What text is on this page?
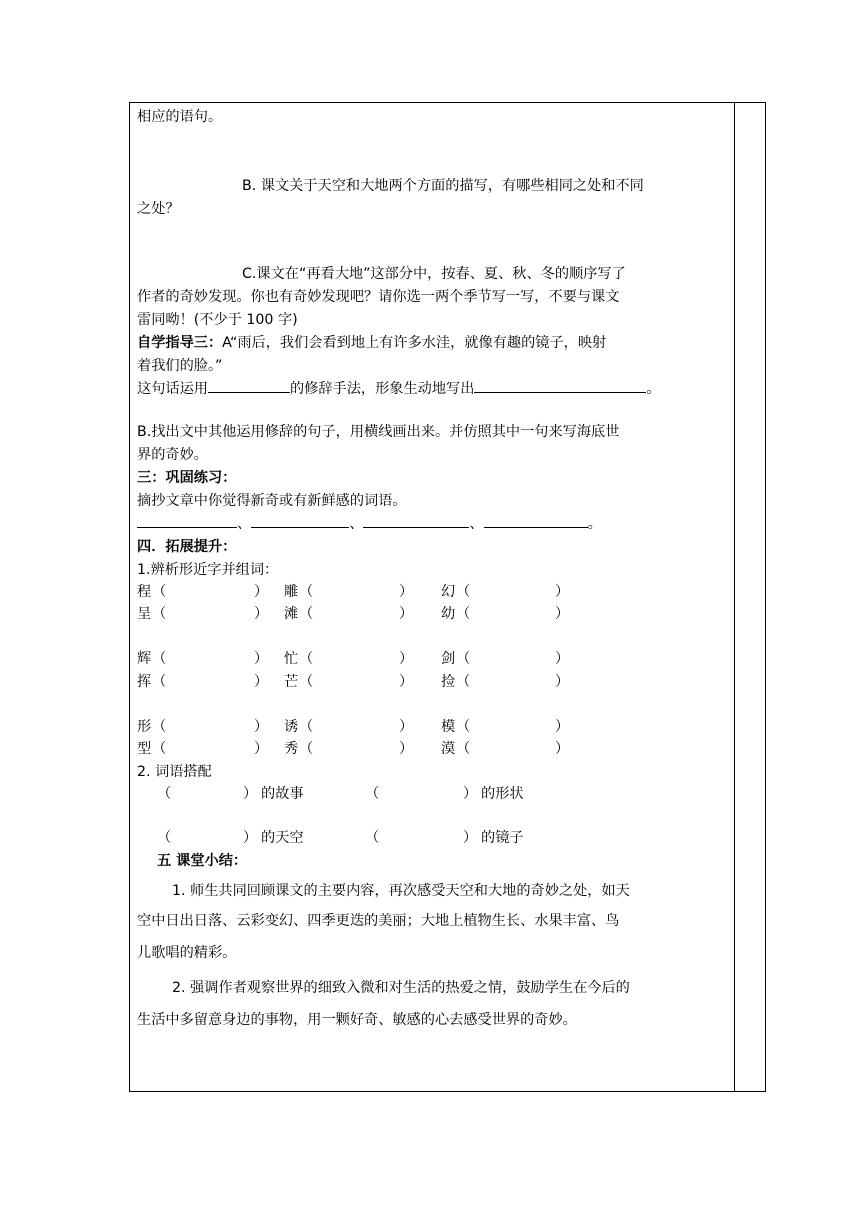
相应的语句。
B. 课文关于天空和大地两个方面的描写，有哪些相同之处和不同
之处？
C.课文在“再看大地”这部分中，按春、夏、秋、冬的顺序写了
作者的奇妙发现。你也有奇妙发现吧？请你选一两个季节写一写，不要与课文
雷同呦！(不少于 100 字)
自学指导三：A“雨后，我们会看到地上有许多水洼，就像有趣的镜子，映射
着我们的脸。”
这句话运用	的修辞手法，形象生动地写出	。
B.找出文中其他运用修辞的句子，用横线画出来。并仿照其中一句来写海底世
界的奇妙。
三：巩固练习：
摘抄文章中你觉得新奇或有新鲜感的词语。
、	、	、	。
四．拓展提升：
1.辨析形近字并组词：
程 （	） 雕 （	） 幻 （	）
呈 （	） 滩 （	） 幼 （	）
辉 （	） 忙 （	） 剑 （	）
挥 （	） 芒 （	） 捡 （	）
形 （	） 诱 （	） 模 （	）
型 （	） 秀 （	） 漠 （	）
2. 词语搭配
（	） 的故事	（	） 的形状
（	） 的天空	（	） 的镜子
五 课堂小结：
1. 师生共同回顾课文的主要内容，再次感受天空和大地的奇妙之处，如天
空中日出日落、云彩变幻、四季更迭的美丽；大地上植物生长、水果丰富、鸟
儿歌唱的精彩。
2. 强调作者观察世界的细致入微和对生活的热爱之情，鼓励学生在今后的
生活中多留意身边的事物，用一颗好奇、敏感的心去感受世界的奇妙。
